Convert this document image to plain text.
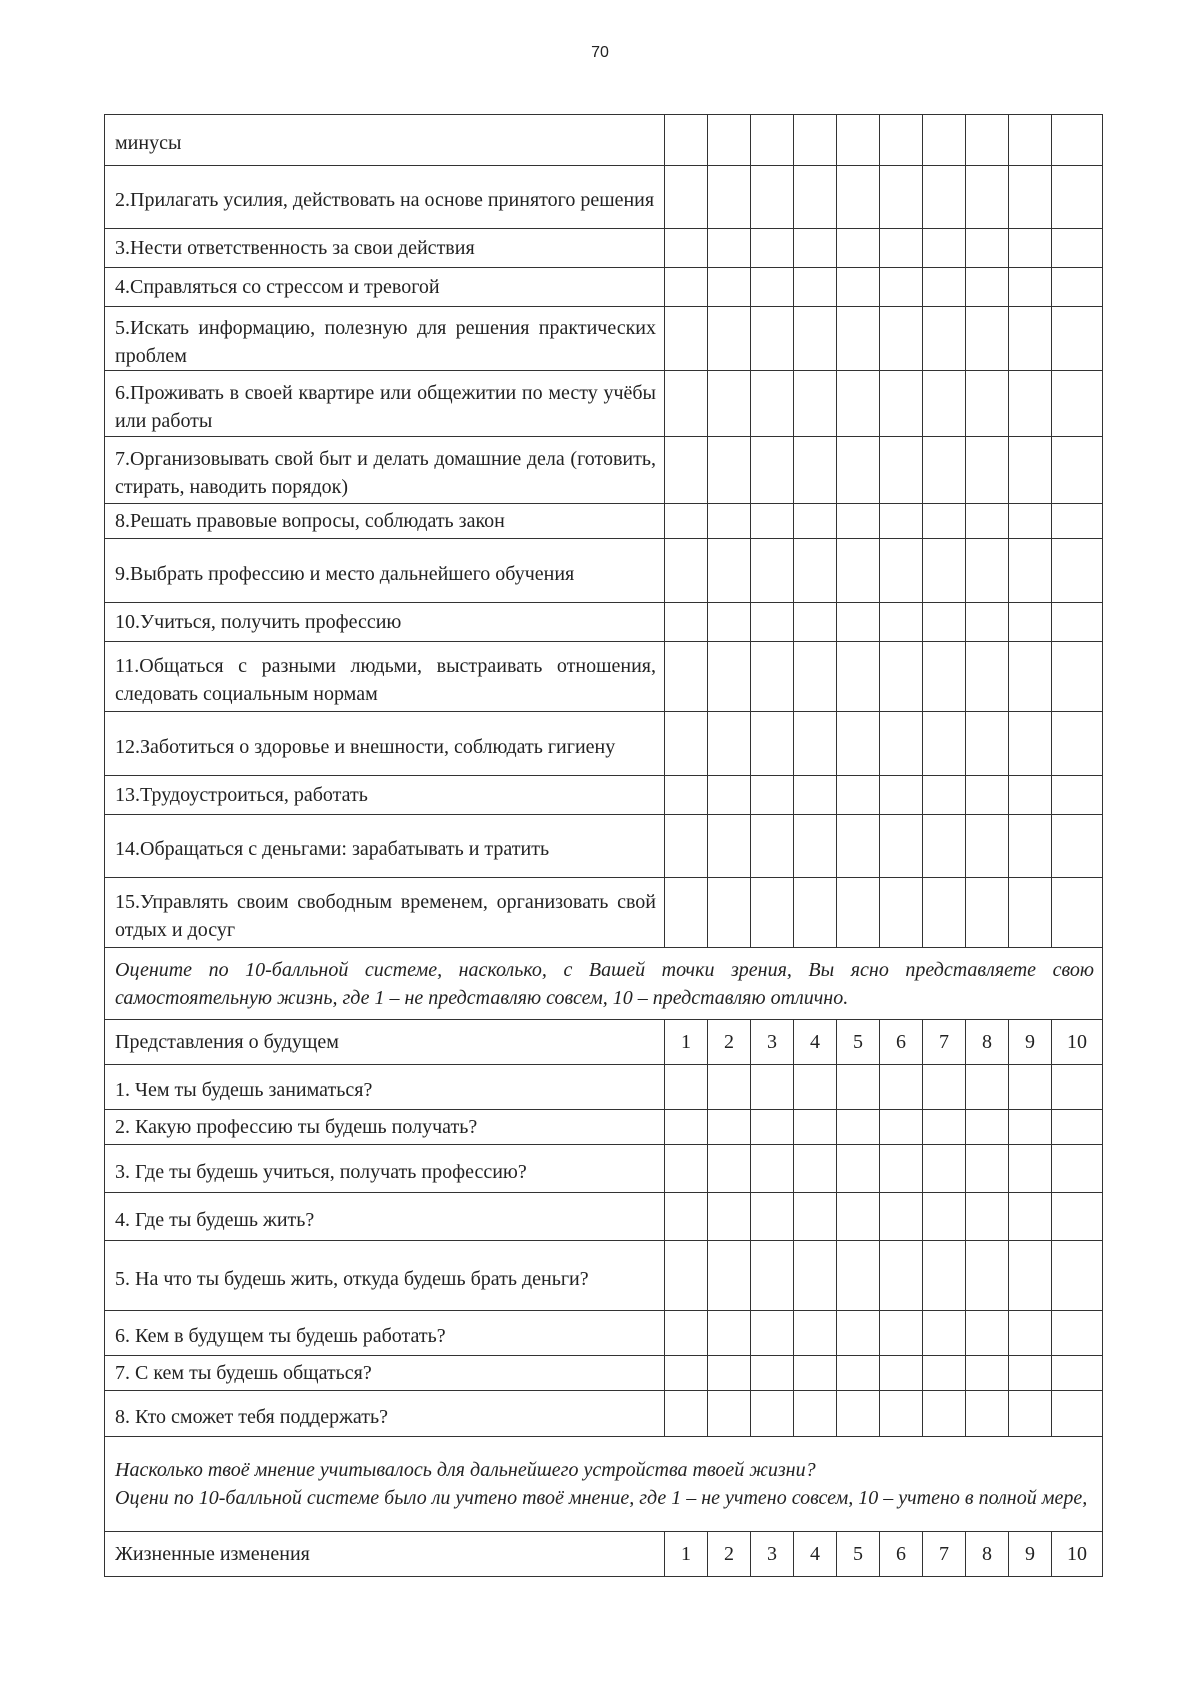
70
минусы										

2.Прилагать усилия, действовать на основе принятого решения										

3.Нести ответственность за свои действия										

4.Справляться со стрессом и тревогой										

5.Искать информацию, полезную для решения практических проблем										

6.Проживать в своей квартире или общежитии по месту учёбы или работы										

7.Организовывать свой быт и делать домашние дела (готовить, стирать, наводить порядок)										

8.Решать правовые вопросы, соблюдать закон										

9.Выбрать профессию и место дальнейшего обучения										

10.Учиться, получить профессию										

11.Общаться с разными людьми, выстраивать отношения, следовать социальным нормам										

12.Заботиться о здоровье и внешности, соблюдать гигиену										

13.Трудоустроиться, работать										

14.Обращаться с деньгами: зарабатывать и тратить										

15.Управлять своим свободным временем, организовать свой отдых и досуг										

Оцените по 10-балльной системе, насколько, с Вашей точки зрения, Вы ясно представляете свою самостоятельную жизнь, где 1 – не представляю совсем, 10 – представляю отлично.										

Представления о будущем	1	2	3	4	5	6	7	8	9	10

1. Чем ты будешь заниматься?										

2. Какую профессию ты будешь получать?										

3. Где ты будешь учиться, получать профессию?										

4. Где ты будешь жить?										

5. На что ты будешь жить, откуда будешь брать деньги?										

6. Кем в будущем ты будешь работать?										

7. С кем ты будешь общаться?										

8. Кто сможет тебя поддержать?										

Насколько твоё мнение учитывалось для дальнейшего устройства твоей жизни?
Оцени по 10-балльной системе было ли учтено твоё мнение, где 1 – не учтено совсем, 10 – учтено в полной мере,										

Жизненные изменения	1	2	3	4	5	6	7	8	9	10
